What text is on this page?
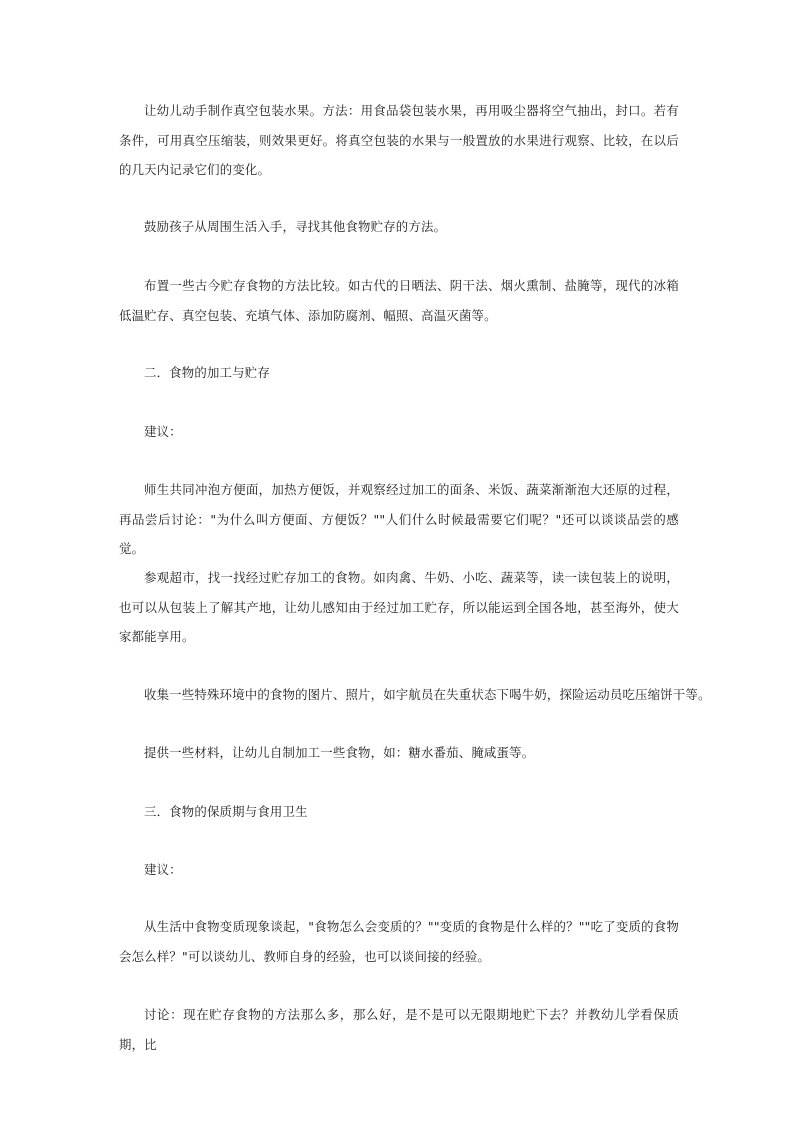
让幼儿动手制作真空包装水果。方法：用食品袋包装水果，再用吸尘器将空气抽出，封口。若有条件，可用真空压缩装，则效果更好。将真空包装的水果与一般置放的水果进行观察、比较，在以后的几天内记录它们的变化。

鼓励孩子从周围生活入手，寻找其他食物贮存的方法。

布置一些古今贮存食物的方法比较。如古代的日晒法、阴干法、烟火熏制、盐腌等，现代的冰箱低温贮存、真空包装、充填气体、添加防腐剂、幅照、高温灭菌等。

二．食物的加工与贮存

建议：

师生共同冲泡方便面，加热方便饭，并观察经过加工的面条、米饭、蔬菜渐渐泡大还原的过程，再品尝后讨论："为什么叫方便面、方便饭？""人们什么时候最需要它们呢？"还可以谈谈品尝的感觉。

参观超市，找一找经过贮存加工的食物。如肉禽、牛奶、小吃、蔬菜等，读一读包装上的说明，也可以从包装上了解其产地，让幼儿感知由于经过加工贮存，所以能运到全国各地，甚至海外，使大家都能享用。

收集一些特殊环境中的食物的图片、照片，如宇航员在失重状态下喝牛奶，探险运动员吃压缩饼干等。

提供一些材料，让幼儿自制加工一些食物，如：糖水番茄、腌咸蛋等。

三．食物的保质期与食用卫生

建议：

从生活中食物变质现象谈起，"食物怎么会变质的？""变质的食物是什么样的？""吃了变质的食物会怎么样？"可以谈幼儿、教师自身的经验，也可以谈间接的经验。

讨论：现在贮存食物的方法那么多，那么好，是不是可以无限期地贮下去？并教幼儿学看保质期，比
